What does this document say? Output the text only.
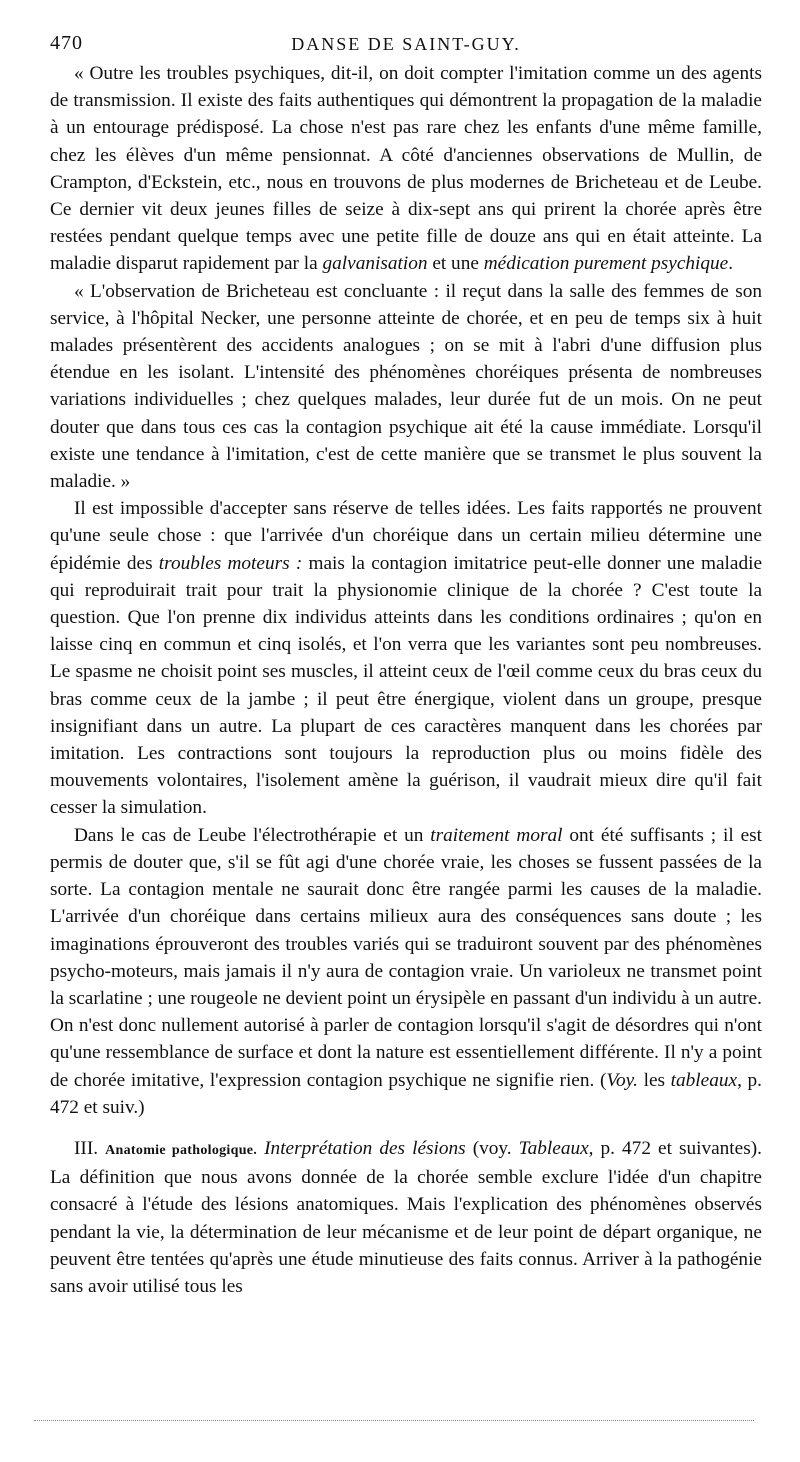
470	DANSE DE SAINT-GUY.

« Outre les troubles psychiques, dit-il, on doit compter l'imitation comme un des agents de transmission. Il existe des faits authentiques qui démontrent la propagation de la maladie à un entourage prédisposé. La chose n'est pas rare chez les enfants d'une même famille, chez les élèves d'un même pensionnat. A côté d'anciennes observations de Mullin, de Crampton, d'Eckstein, etc., nous en trouvons de plus modernes de Bricheteau et de Leube. Ce dernier vit deux jeunes filles de seize à dix-sept ans qui prirent la chorée après être restées pendant quelque temps avec une petite fille de douze ans qui en était atteinte. La maladie disparut rapidement par la galvanisation et une médication purement psychique.

« L'observation de Bricheteau est concluante : il reçut dans la salle des femmes de son service, à l'hôpital Necker, une personne atteinte de chorée, et en peu de temps six à huit malades présentèrent des accidents analogues ; on se mit à l'abri d'une diffusion plus étendue en les isolant. L'intensité des phénomènes choréiques présenta de nombreuses variations individuelles ; chez quelques malades, leur durée fut de un mois. On ne peut douter que dans tous ces cas la contagion psychique ait été la cause immédiate. Lorsqu'il existe une tendance à l'imitation, c'est de cette manière que se transmet le plus souvent la maladie. »

Il est impossible d'accepter sans réserve de telles idées. Les faits rapportés ne prouvent qu'une seule chose : que l'arrivée d'un choréique dans un certain milieu détermine une épidémie des troubles moteurs : mais la contagion imitatrice peut-elle donner une maladie qui reproduirait trait pour trait la physionomie clinique de la chorée ? C'est toute la question. Que l'on prenne dix individus atteints dans les conditions ordinaires ; qu'on en laisse cinq en commun et cinq isolés, et l'on verra que les variantes sont peu nombreuses. Le spasme ne choisit point ses muscles, il atteint ceux de l'œil comme ceux du bras ceux du bras comme ceux de la jambe ; il peut être énergique, violent dans un groupe, presque insignifiant dans un autre. La plupart de ces caractères manquent dans les chorées par imitation. Les contractions sont toujours la reproduction plus ou moins fidèle des mouvements volontaires, l'isolement amène la guérison, il vaudrait mieux dire qu'il fait cesser la simulation.

Dans le cas de Leube l'électrothérapie et un traitement moral ont été suffisants ; il est permis de douter que, s'il se fût agi d'une chorée vraie, les choses se fussent passées de la sorte. La contagion mentale ne saurait donc être rangée parmi les causes de la maladie. L'arrivée d'un choréique dans certains milieux aura des conséquences sans doute ; les imaginations éprouveront des troubles variés qui se traduiront souvent par des phénomènes psycho-moteurs, mais jamais il n'y aura de contagion vraie. Un varioleux ne transmet point la scarlatine ; une rougeole ne devient point un érysipèle en passant d'un individu à un autre. On n'est donc nullement autorisé à parler de contagion lorsqu'il s'agit de désordres qui n'ont qu'une ressemblance de surface et dont la nature est essentiellement différente. Il n'y a point de chorée imitative, l'expression contagion psychique ne signifie rien. (Voy. les tableaux, p. 472 et suiv.)

III. Anatomie pathologique. Interprétation des lésions (voy. Tableaux, p. 472 et suivantes). La définition que nous avons donnée de la chorée semble exclure l'idée d'un chapitre consacré à l'étude des lésions anatomiques. Mais l'explication des phénomènes observés pendant la vie, la détermination de leur mécanisme et de leur point de départ organique, ne peuvent être tentées qu'après une étude minutieuse des faits connus. Arriver à la pathogénie sans avoir utilisé tous les
